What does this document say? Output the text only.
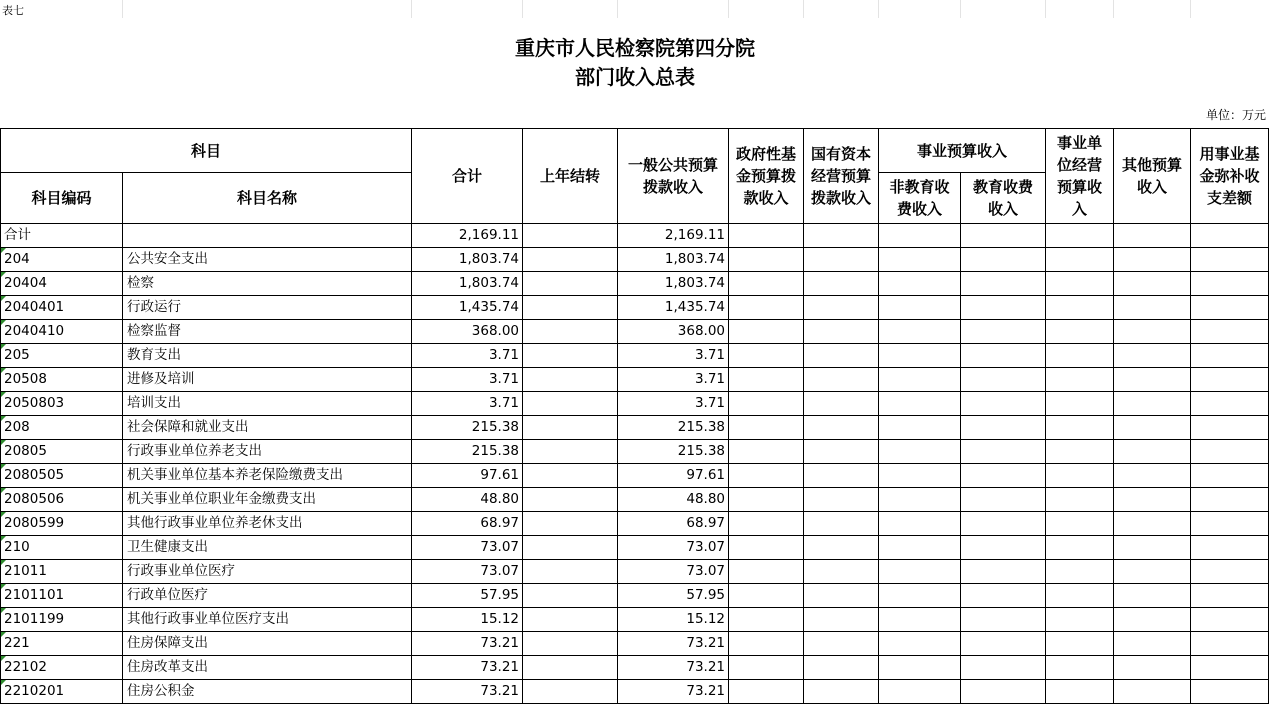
表七
重庆市人民检察院第四分院
部门收入总表
单位：万元
科目		合计	上年结转	一般公共预算拨款收入	政府性基金预算拨款收入	国有资本经营预算拨款收入	事业预算收入		事业单位经营预算收入	其他预算收入	用事业基金弥补收支差额
科目编码	科目名称						非教育收费收入	教育收费收入			
合计		2,169.11		2,169.11							
204	公共安全支出	1,803.74		1,803.74							
20404	检察	1,803.74		1,803.74							
2040401	行政运行	1,435.74		1,435.74							
2040410	检察监督	368.00		368.00							
205	教育支出	3.71		3.71							
20508	进修及培训	3.71		3.71							
2050803	培训支出	3.71		3.71							
208	社会保障和就业支出	215.38		215.38							
20805	行政事业单位养老支出	215.38		215.38							
2080505	机关事业单位基本养老保险缴费支出	97.61		97.61							
2080506	机关事业单位职业年金缴费支出	48.80		48.80							
2080599	其他行政事业单位养老休支出	68.97		68.97							
210	卫生健康支出	73.07		73.07							
21011	行政事业单位医疗	73.07		73.07							
2101101	行政单位医疗	57.95		57.95							
2101199	其他行政事业单位医疗支出	15.12		15.12							
221	住房保障支出	73.21		73.21							
22102	住房改革支出	73.21		73.21							
2210201	住房公积金	73.21		73.21							
